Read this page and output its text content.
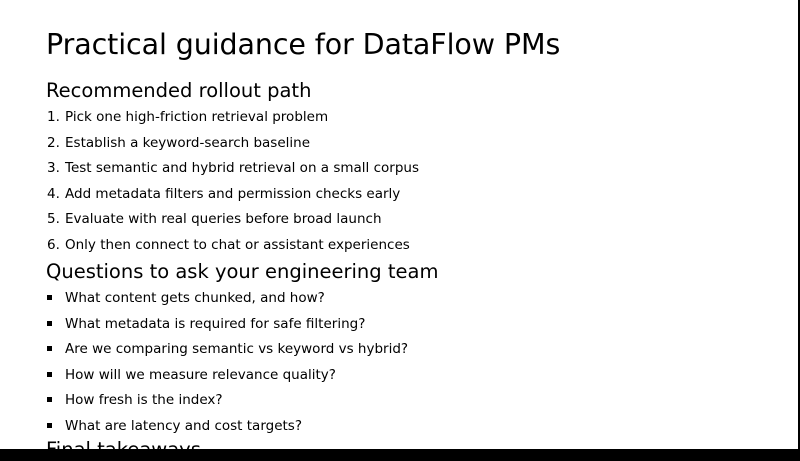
Practical guidance for DataFlow PMs
Recommended rollout path
1. Pick one high-friction retrieval problem
2. Establish a keyword-search baseline
3. Test semantic and hybrid retrieval on a small corpus
4. Add metadata filters and permission checks early
5. Evaluate with real queries before broad launch
6. Only then connect to chat or assistant experiences
Questions to ask your engineering team
What content gets chunked, and how?
What metadata is required for safe filtering?
Are we comparing semantic vs keyword vs hybrid?
How will we measure relevance quality?
How fresh is the index?
What are latency and cost targets?
Final takeaways
